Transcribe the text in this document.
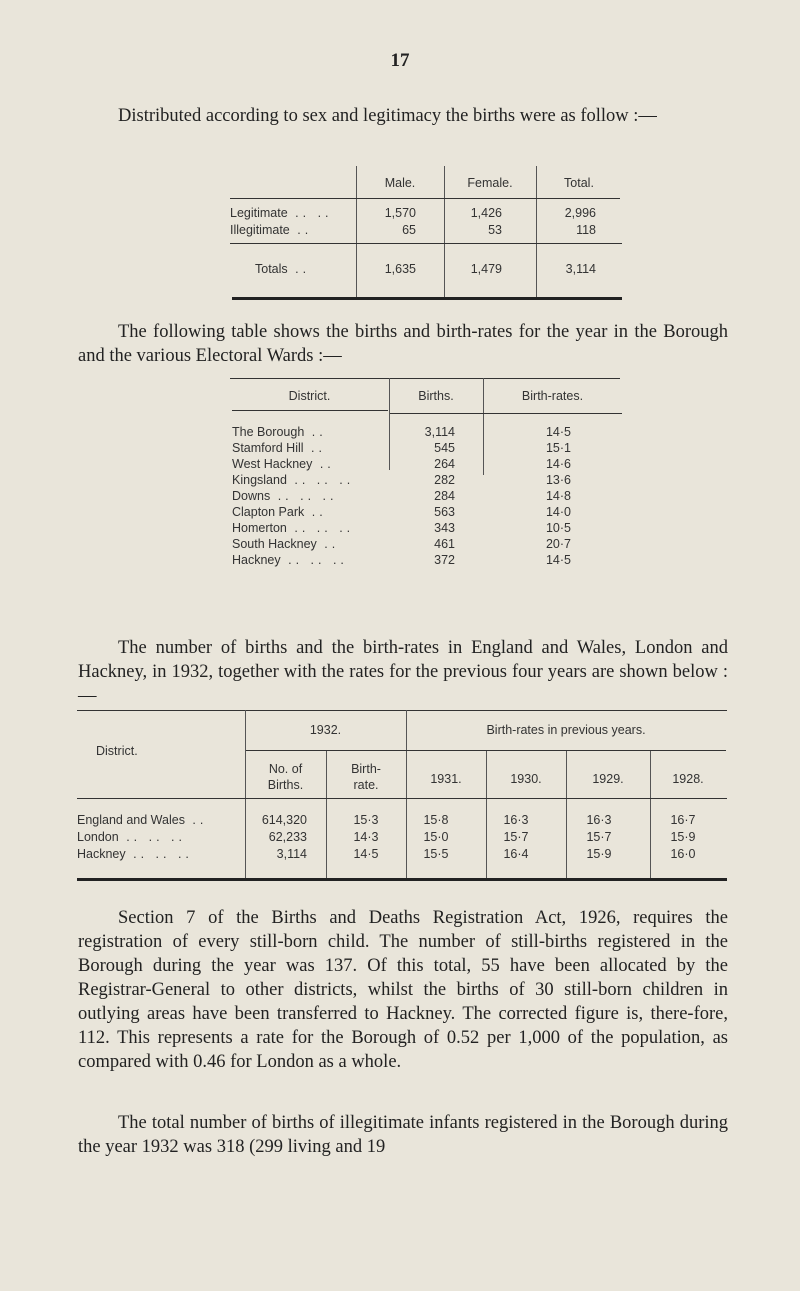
17
Distributed according to sex and legitimacy the births were as follow :—
Male.	Female.	Total.
Legitimate .. ..	1,570	1,426	2,996
Illegitimate ..	65	53	118
Totals ..	1,635	1,479	3,114
The following table shows the births and birth-rates for the year in the Borough and the various Electoral Wards :—
District.	Births.	Birth-rates.
The Borough ..	3,114	14·5
Stamford Hill ..	545	15·1
West Hackney ..	264	14·6
Kingsland .. .. ..	282	13·6
Downs .. .. ..	284	14·8
Clapton Park ..	563	14·0
Homerton .. .. ..	343	10·5
South Hackney ..	461	20·7
Hackney .. .. ..	372	14·5
The number of births and the birth-rates in England and Wales, London and Hackney, in 1932, together with the rates for the previous four years are shown below :—
District.
1932.	Birth-rates in previous years.
No. of
Births.
Birth-
rate.	1931.	1930.	1929.	1928.
England and Wales ..	614,320	15·3	15·8	16·3	16·3	16·7
London .. .. ..	62,233	14·3	15·0	15·7	15·7	15·9
Hackney .. .. ..	3,114	14·5	15·5	16·4	15·9	16·0
Section 7 of the Births and Deaths Registration Act, 1926, requires the registration of every still-born child. The number of still-births registered in the Borough during the year was 137. Of this total, 55 have been allocated by the Registrar-General to other districts, whilst the births of 30 still-born children in outlying areas have been transferred to Hackney. The corrected figure is, there-fore, 112. This represents a rate for the Borough of 0.52 per 1,000 of the population, as compared with 0.46 for London as a whole.
The total number of births of illegitimate infants registered in the Borough during the year 1932 was 318 (299 living and 19
